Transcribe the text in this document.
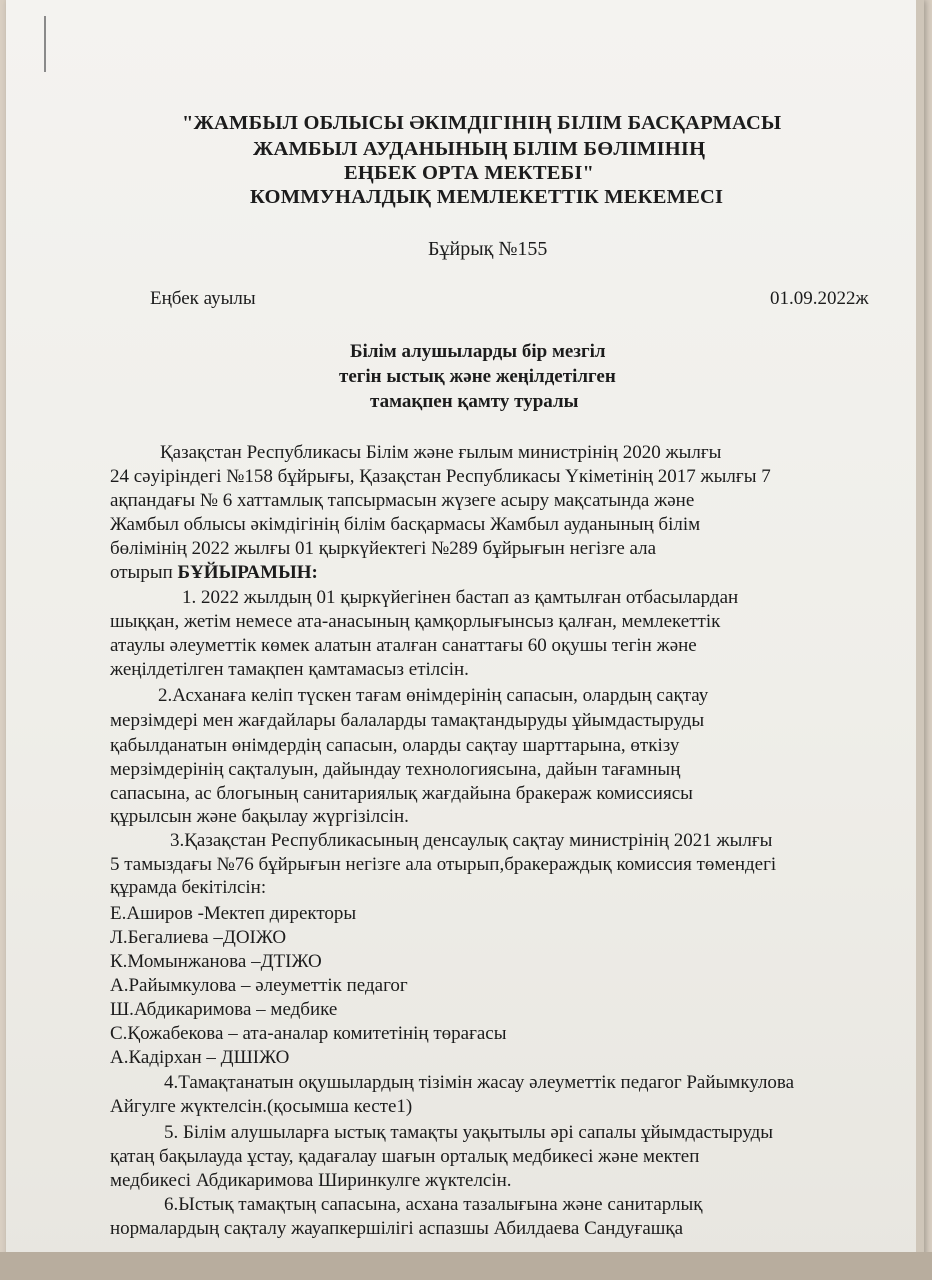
"ЖАМБЫЛ ОБЛЫСЫ ӘКІМДІГІНІҢ БІЛІМ БАСҚАРМАСЫ
ЖАМБЫЛ АУДАНЫНЫҢ БІЛІМ БӨЛІМІНІҢ
ЕҢБЕК ОРТА МЕКТЕБІ"
КОММУНАЛДЫҚ МЕМЛЕКЕТТІК МЕКЕМЕСІ
Бұйрық №155
Еңбек ауылы	01.09.2022ж
Білім алушыларды бір мезгіл
тегін ыстық және жеңілдетілген
тамақпен қамту туралы
Қазақстан Республикасы Білім және ғылым министрінің 2020 жылғы
24 сәуіріндегі №158 бұйрығы, Қазақстан Республикасы Үкіметінің 2017 жылғы 7
ақпандағы № 6 хаттамлық тапсырмасын жүзеге асыру мақсатында және
Жамбыл облысы әкімдігінің білім басқармасы Жамбыл ауданының білім
бөлімінің 2022 жылғы 01 қыркүйектегі №289 бұйрығын негізге ала
отырып БҰЙЫРАМЫН:
1. 2022 жылдың 01 қыркүйегінен бастап аз қамтылған отбасылардан
шыққан, жетім немесе ата-анасының қамқорлығынсыз қалған, мемлекеттік
атаулы әлеуметтік көмек алатын аталған санаттағы 60 оқушы тегін және
жеңілдетілген тамақпен қамтамасыз етілсін.
2.Асханаға келіп түскен тағам өнімдерінің сапасын, олардың сақтау
мерзімдері мен жағдайлары балаларды тамақтандыруды ұйымдастыруды
қабылданатын өнімдердің сапасын, оларды сақтау шарттарына, өткізу
мерзімдерінің сақталуын, дайындау технологиясына, дайын тағамның
сапасына, ас блогының санитариялық жағдайына бракераж комиссиясы
құрылсын және бақылау жүргізілсін.
3.Қазақстан Республикасының денсаулық сақтау министрінің 2021 жылғы
5 тамыздағы №76 бұйрығын негізге ала отырып,бракераждық комиссия төмендегі
құрамда бекітілсін:
Е.Аширов -Мектеп директоры
Л.Бегалиева –ДОІЖО
К.Момынжанова –ДТІЖО
А.Райымкулова – әлеуметтік педагог
Ш.Абдикаримова – медбике
С.Қожабекова – ата-аналар комитетінің төрағасы
А.Кадірхан – ДШІЖО
4.Тамақтанатын оқушылардың тізімін жасау әлеуметтік педагог Райымкулова
Айгулге жүктелсін.(қосымша кесте1)
5. Білім алушыларға ыстық тамақты уақытылы әрі сапалы ұйымдастыруды
қатаң бақылауда ұстау, қадағалау шағын орталық медбикесі және мектеп
медбикесі Абдикаримова Ширинкулге жүктелсін.
6.Ыстық тамақтың сапасына, асхана тазалығына және санитарлық
нормалардың сақталу жауапкершілігі аспазшы Абилдаева Сандуғашқа
